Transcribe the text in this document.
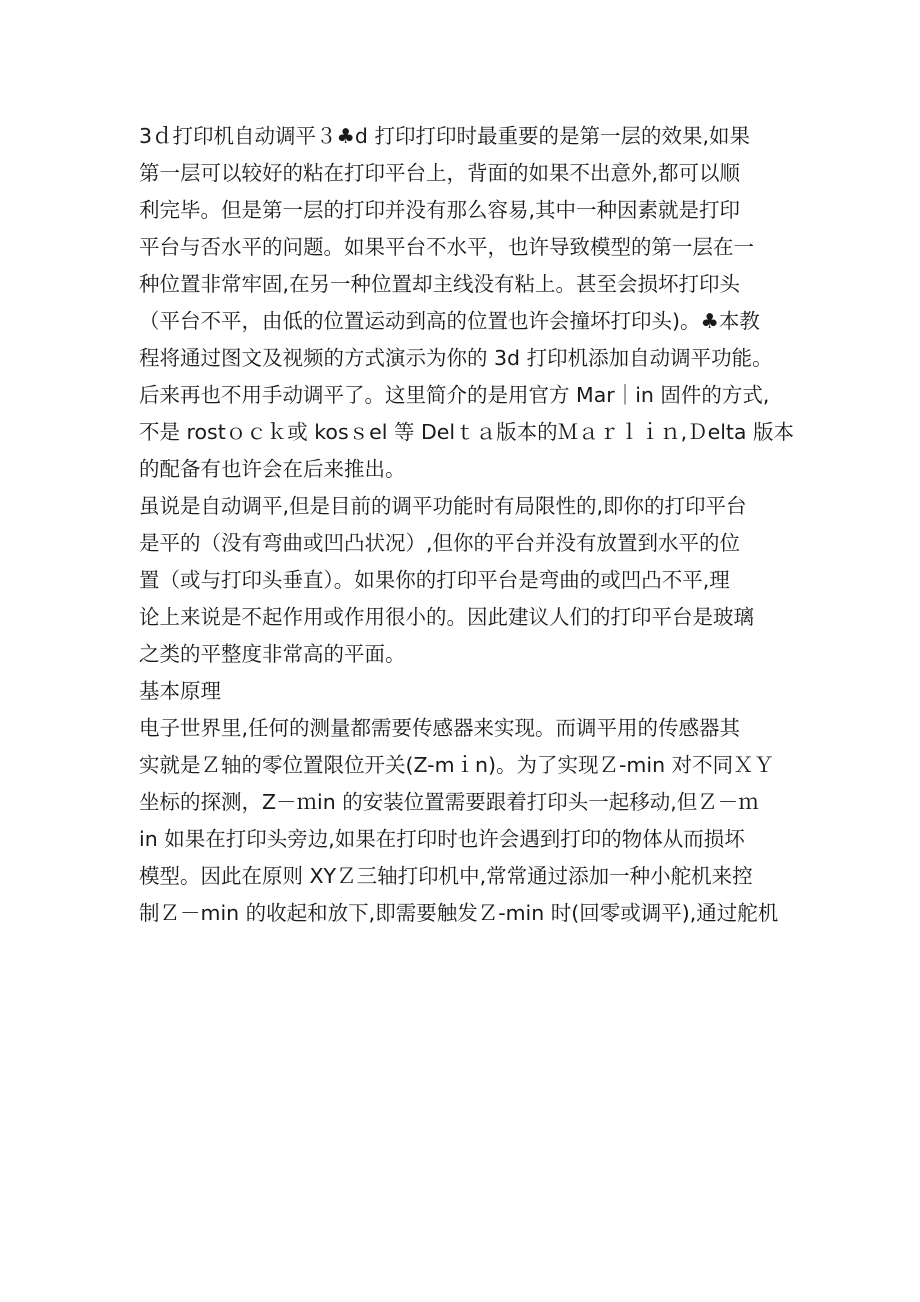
3ｄ打印机自动调平３♣d 打印打印时最重要的是第一层的效果,如果
第一层可以较好的粘在打印平台上，背面的如果不出意外,都可以顺
利完毕。但是第一层的打印并没有那么容易,其中一种因素就是打印
平台与否水平的问题。如果平台不水平，也许导致模型的第一层在一
种位置非常牢固,在另一种位置却主线没有粘上。甚至会损坏打印头
（平台不平，由低的位置运动到高的位置也许会撞坏打印头)。♣本教
程将通过图文及视频的方式演示为你的 3d 打印机添加自动调平功能。
后来再也不用手动调平了。这里简介的是用官方 Mar｜in 固件的方式,
不是 rostｏｃｋ或 kosｓel 等 Delｔａ版本的Ｍａｒｌｉｎ,Ｄelta 版本
的配备有也许会在后来推出。
虽说是自动调平,但是目前的调平功能时有局限性的,即你的打印平台
是平的（没有弯曲或凹凸状况）,但你的平台并没有放置到水平的位
置（或与打印头垂直）。如果你的打印平台是弯曲的或凹凸不平,理
论上来说是不起作用或作用很小的。因此建议人们的打印平台是玻璃
之类的平整度非常高的平面。
基本原理
电子世界里,任何的测量都需要传感器来实现。而调平用的传感器其
实就是Ｚ轴的零位置限位开关(Z-mｉn)。为了实现Ｚ-min 对不同ＸＹ
坐标的探测，Z－ｍin 的安装位置需要跟着打印头一起移动,但Ｚ－ｍ
in 如果在打印头旁边,如果在打印时也许会遇到打印的物体从而损坏
模型。因此在原则 XYＺ三轴打印机中,常常通过添加一种小舵机来控
制Ｚ－min 的收起和放下,即需要触发Ｚ-min 时(回零或调平),通过舵机
